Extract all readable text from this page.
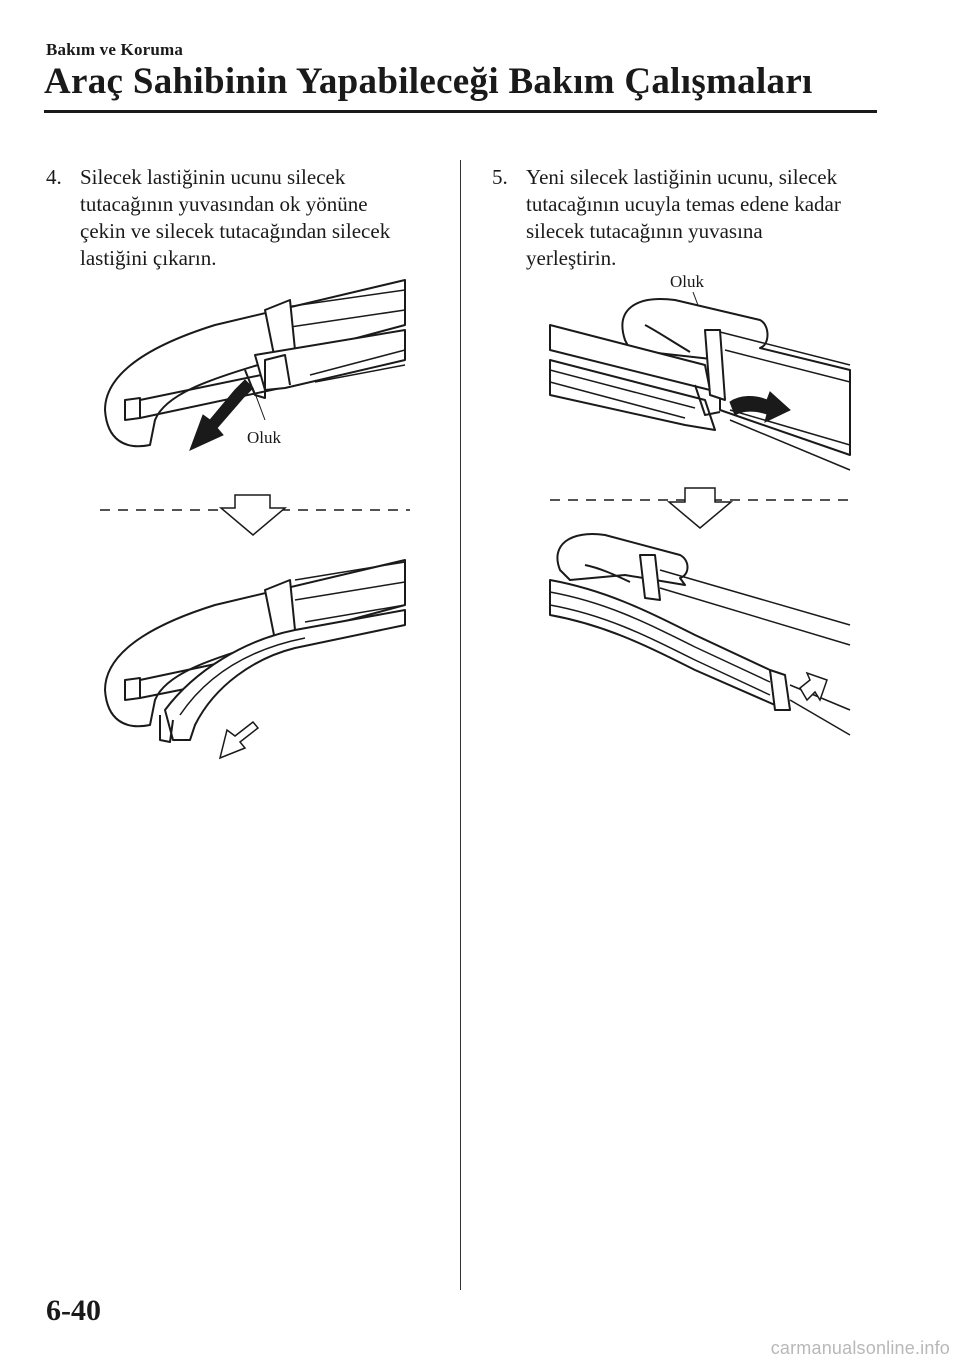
Bakım ve Koruma
Araç Sahibinin Yapabileceği Bakım Çalışmaları
4. Silecek lastiğinin ucunu silecek
tutacağının yuvasından ok yönüne
çekin ve silecek tutacağından silecek
lastiğini çıkarın.
5. Yeni silecek lastiğinin ucunu, silecek
tutacağının ucuyla temas edene kadar
silecek tutacağının yuvasına
yerleştirin.
Oluk
Oluk
6-40
carmanualsonline.info
